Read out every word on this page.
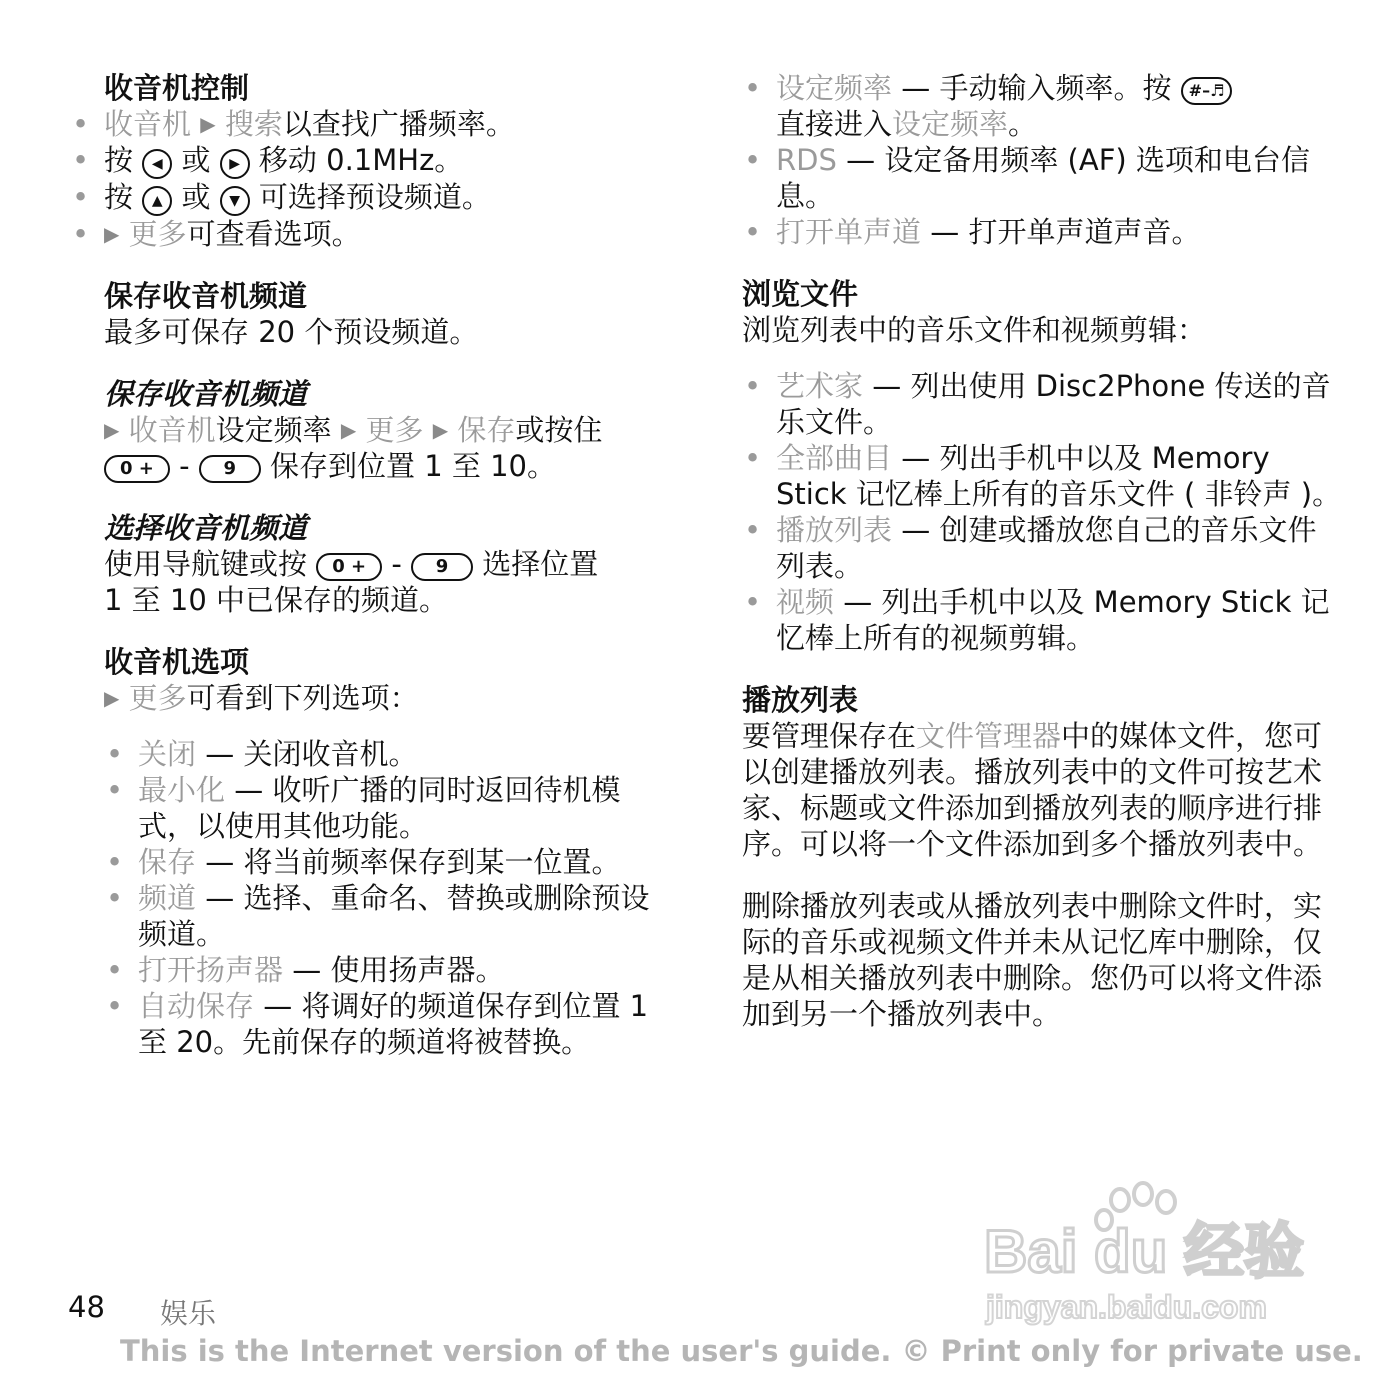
收音机控制

• 收音机 ▶ 搜索以查找广播频率。
• 按 ◀ 或 ▶ 移动 0.1MHz。
• 按 ▲ 或 ▼ 可选择预设频道。
• ▶ 更多可查看选项。

保存收音机频道

最多可保存 20 个预设频道。

保存收音机频道

▶ 收音机设定频率 ▶ 更多 ▶ 保存或按住

0 + - 9 保存到位置 1 至 10。

选择收音机频道

使用导航键或按 0 + - 9 选择位置

1 至 10 中已保存的频道。

收音机选项

▶ 更多可看到下列选项：

• 关闭 — 关闭收音机。
• 最小化 — 收听广播的同时返回待机模式，以使用其他功能。
• 保存 — 将当前频率保存到某一位置。
• 频道 — 选择、重命名、替换或删除预设频道。
• 打开扬声器 — 使用扬声器。
• 自动保存 — 将调好的频道保存到位置 1 至 20。先前保存的频道将被替换。
• 设定频率 — 手动输入频率。按 #–♬
直接进入设定频率。
• RDS — 设定备用频率 (AF) 选项和电台信息。
• 打开单声道 — 打开单声道声音。

浏览文件

浏览列表中的音乐文件和视频剪辑：

• 艺术家 — 列出使用 Disc2Phone 传送的音乐文件。
• 全部曲目 — 列出手机中以及 Memory Stick 记忆棒上所有的音乐文件 ( 非铃声 )。
• 播放列表 — 创建或播放您自己的音乐文件列表。
• 视频 — 列出手机中以及 Memory Stick 记忆棒上所有的视频剪辑。

播放列表

要管理保存在文件管理器中的媒体文件，您可以创建播放列表。播放列表中的文件可按艺术家、标题或文件添加到播放列表的顺序进行排序。可以将一个文件添加到多个播放列表中。

删除播放列表或从播放列表中删除文件时，实际的音乐或视频文件并未从记忆库中删除，仅是从相关播放列表中删除。您仍可以将文件添加到另一个播放列表中。

Bai du 经验
jingyan.baidu.com
48 娱乐
This is the Internet version of the user's guide. © Print only for private use.
